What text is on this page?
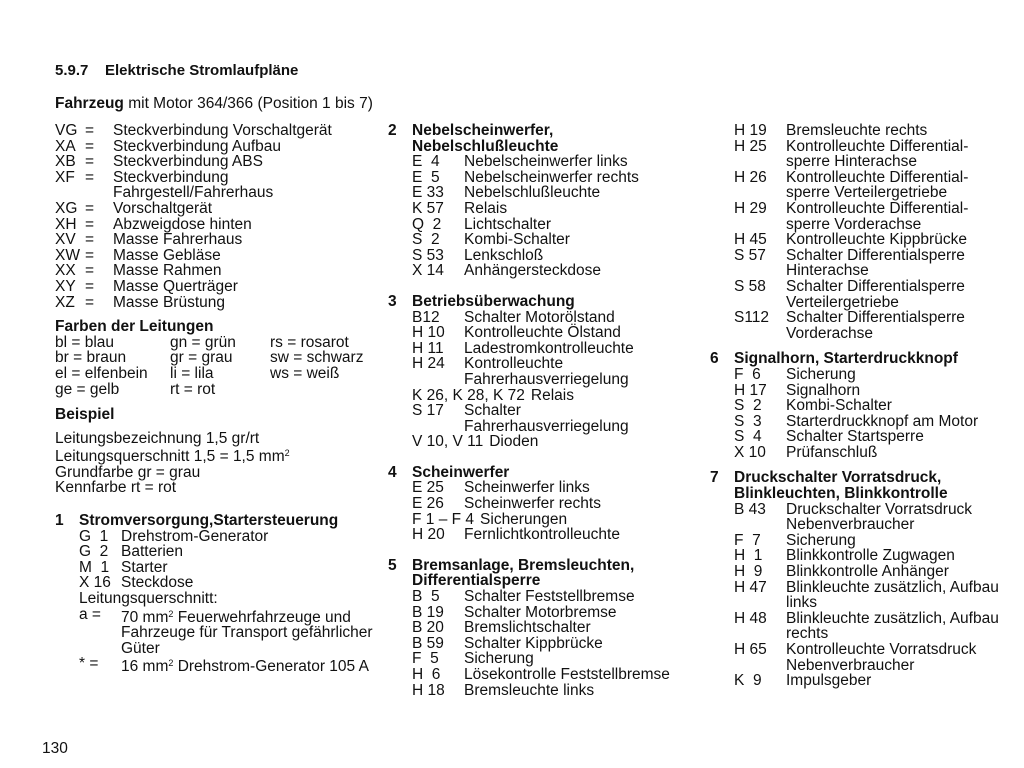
5.9.7 Elektrische Stromlaufpläne
Fahrzeug mit Motor 364/366 (Position 1 bis 7)
VG =	Steckverbindung Vorschaltgerät
XA =	Steckverbindung Aufbau
XB =	Steckverbindung ABS
XF =	Steckverbindung Fahrgestell/Fahrerhaus
XG =	Vorschaltgerät
XH =	Abzweigdose hinten
XV =	Masse Fahrerhaus
XW =	Masse Gebläse
XX =	Masse Rahmen
XY =	Masse Querträger
XZ =	Masse Brüstung
Farben der Leitungen
bl = blau	gn = grün	rs = rosarot
br = braun	gr = grau	sw = schwarz
el = elfenbein	li = lila	ws = weiß
ge = gelb	rt = rot
Beispiel
Leitungsbezeichnung 1,5 gr/rt
Leitungsquerschnitt 1,5 = 1,5 $mm^2$
Grundfarbe gr = grau
Kennfarbe rt = rot
1 Stromversorgung,Startersteuerung
G  1 Drehstrom-Generator
G  2 Batterien
M  1 Starter
X 16 Steckdose
Leitungsquerschnitt:
a =	70 $mm^2$ Feuerwehrfahrzeuge und Fahrzeuge für Transport gefährlicher Güter
* =	16 $mm^2$ Drehstrom-Generator 105 A
2 Nebelscheinwerfer, Nebelschlußleuchte
E  4	Nebelscheinwerfer links
E  5	Nebelscheinwerfer rechts
E 33	Nebelschlußleuchte
K 57	Relais
Q  2	Lichtschalter
S  2	Kombi-Schalter
S 53	Lenkschloß
X 14	Anhängersteckdose
3 Betriebsüberwachung
B12	Schalter Motorölstand
H 10	Kontrolleuchte Ölstand
H 11	Ladestromkontrolleuchte
H 24	Kontrolleuchte Fahrerhausverriegelung
K 26, K 28, K 72 Relais
S 17	Schalter Fahrerhausverriegelung
V 10, V 11 Dioden
4 Scheinwerfer
E 25	Scheinwerfer links
E 26	Scheinwerfer rechts
F 1 – F 4 Sicherungen
H 20	Fernlichtkontrolleuchte
5 Bremsanlage, Bremsleuchten, Differentialsperre
B  5	Schalter Feststellbremse
B 19	Schalter Motorbremse
B 20	Bremslichtschalter
B 59	Schalter Kippbrücke
F  5	Sicherung
H  6	Lösekontrolle Feststellbremse
H 18	Bremsleuchte links
H 19	Bremsleuchte rechts
H 25	Kontrolleuchte Differential-sperre Hinterachse
H 26	Kontrolleuchte Differential-sperre Verteilergetriebe
H 29	Kontrolleuchte Differential-sperre Vorderachse
H 45	Kontrolleuchte Kippbrücke
S 57	Schalter Differentialsperre Hinterachse
S 58	Schalter Differentialsperre Verteilergetriebe
S112	Schalter Differentialsperre Vorderachse
6 Signalhorn, Starterdruckknopf
F  6	Sicherung
H 17	Signalhorn
S  2	Kombi-Schalter
S  3	Starterdruckknopf am Motor
S  4	Schalter Startsperre
X 10	Prüfanschluß
7 Druckschalter Vorratsdruck, Blinkleuchten, Blinkkontrolle
B 43	Druckschalter Vorratsdruck Nebenverbraucher
F  7	Sicherung
H  1	Blinkkontrolle Zugwagen
H  9	Blinkkontrolle Anhänger
H 47	Blinkleuchte zusätzlich, Aufbau links
H 48	Blinkleuchte zusätzlich, Aufbau rechts
H 65	Kontrolleuchte Vorratsdruck Nebenverbraucher
K  9	Impulsgeber
130
